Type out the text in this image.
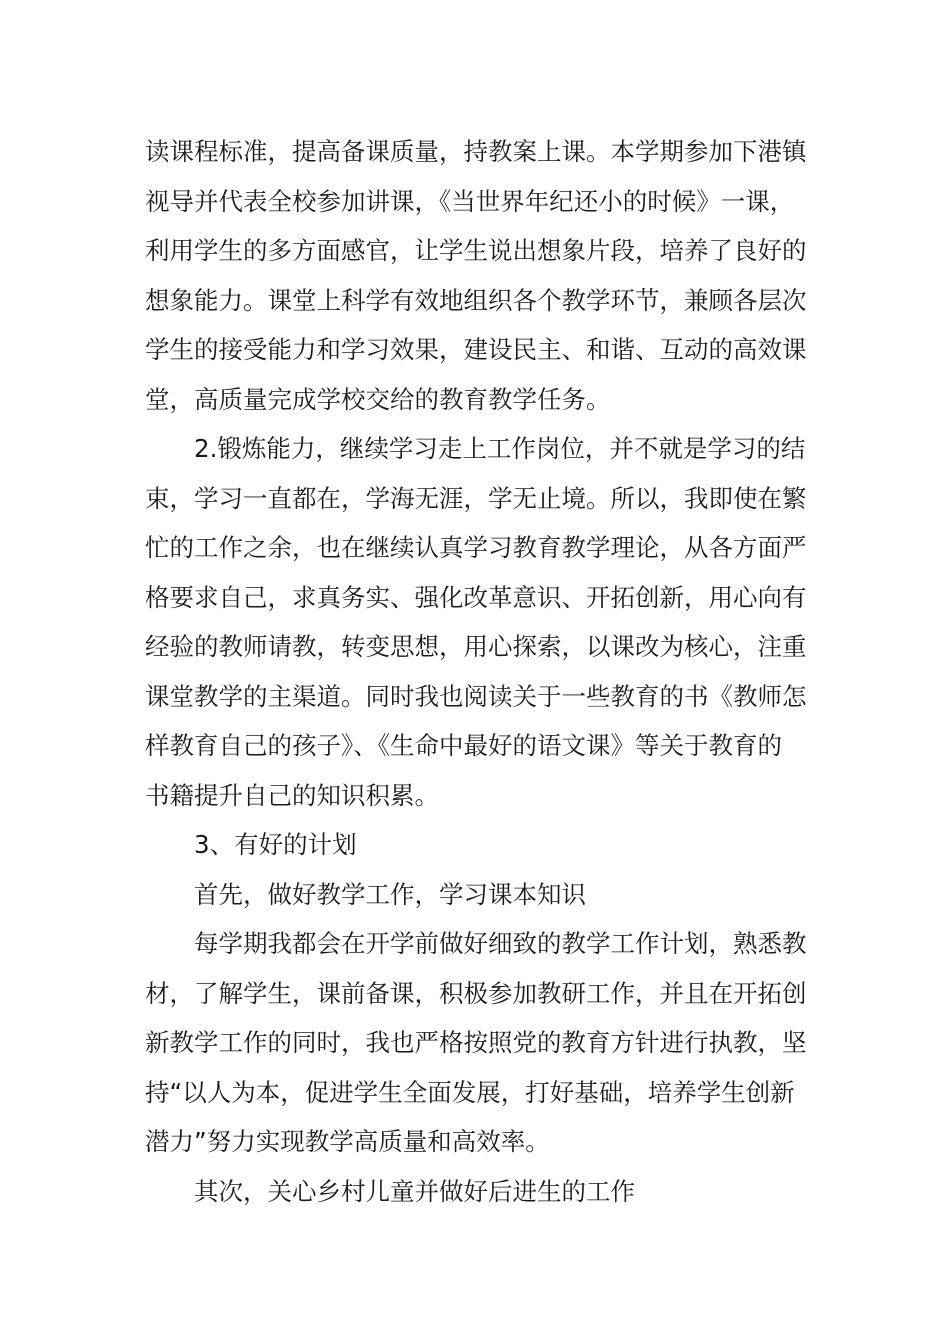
读课程标准，提高备课质量，持教案上课。本学期参加下港镇
视导并代表全校参加讲课，《当世界年纪还小的时候》一课，
利用学生的多方面感官，让学生说出想象片段，培养了良好的
想象能力。课堂上科学有效地组织各个教学环节，兼顾各层次
学生的接受能力和学习效果，建设民主、和谐、互动的高效课
堂，高质量完成学校交给的教育教学任务。
2.锻炼能力，继续学习走上工作岗位，并不就是学习的结
束，学习一直都在，学海无涯，学无止境。所以，我即使在繁
忙的工作之余，也在继续认真学习教育教学理论，从各方面严
格要求自己，求真务实、强化改革意识、开拓创新，用心向有
经验的教师请教，转变思想，用心探索，以课改为核心，注重
课堂教学的主渠道。同时我也阅读关于一些教育的书《教师怎
样教育自己的孩子》、《生命中最好的语文课》等关于教育的
书籍提升自己的知识积累。
3、有好的计划
首先，做好教学工作，学习课本知识
每学期我都会在开学前做好细致的教学工作计划，熟悉教
材，了解学生，课前备课，积极参加教研工作，并且在开拓创
新教学工作的同时，我也严格按照党的教育方针进行执教，坚
持“以人为本，促进学生全面发展，打好基础，培养学生创新
潜力”努力实现教学高质量和高效率。
其次，关心乡村儿童并做好后进生的工作
